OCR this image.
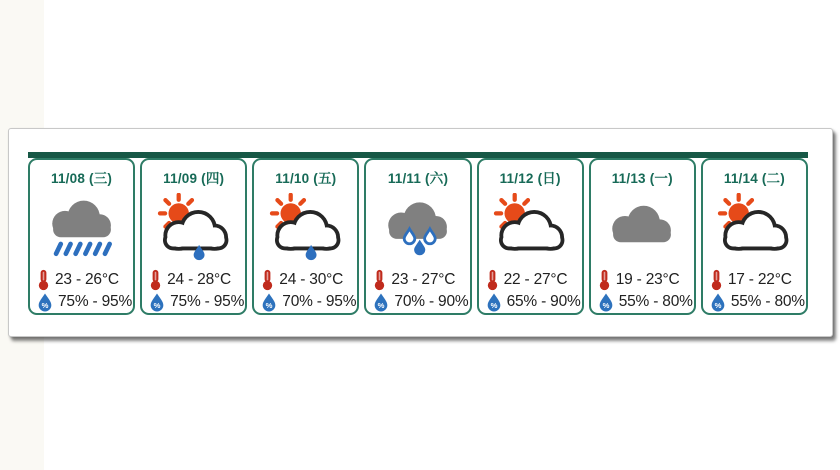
11/08 (三)
23 - 26°C
% 75% - 95%
11/09 (四)
24 - 28°C
% 75% - 95%
11/10 (五)
24 - 30°C
% 70% - 95%
11/11 (六)
23 - 27°C
% 70% - 90%
11/12 (日)
22 - 27°C
% 65% - 90%
11/13 (一)
19 - 23°C
% 55% - 80%
11/14 (二)
17 - 22°C
% 55% - 80%
